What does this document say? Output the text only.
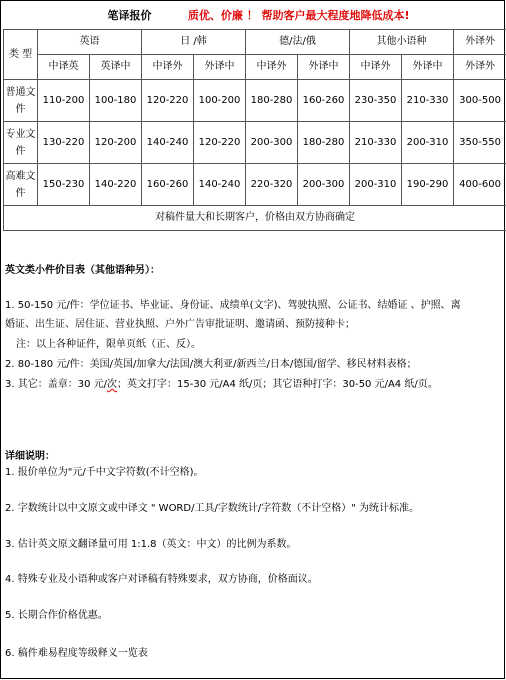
笔译报价 质优、价廉 ！ 帮助客户最大程度地降低成本!									
类 型	英语		日 /韩		德/法/俄		其他小语种		外译外
	中译英	英译中	中译外	外译中	中译外	外译中	中译外	外译中	外译外
普通文件	110-200	100-180	120-220	100-200	180-280	160-260	230-350	210-330	300-500
专业文件	130-220	120-200	140-240	120-220	200-300	180-280	210-330	200-310	350-550
高难文件	150-230	140-220	160-260	140-240	220-320	200-300	200-310	190-290	400-600
对稿件量大和长期客户，价格由双方协商确定									
英文类小件价目表（其他语种另）：
1. 50-150 元/件：学位证书、毕业证、身份证、成绩单(文字)、驾驶执照、公证书、结婚证 、护照、离
婚证、出生证、居住证、营业执照、户外广告审批证明、邀请函、预防接种卡；
注：以上各种证件，限单页纸（正、反）。
2. 80-180 元/件：美国/英国/加拿大/法国/澳大利亚/新西兰/日本/德国/留学、移民材料表格；
3. 其它：盖章：30 元/次；英文打字：15-30 元/A4 纸/页；其它语种打字：30-50 元/A4 纸/页。
详细说明：
1. 报价单位为"元/千中文字符数(不计空格)。
2. 字数统计以中文原文或中译文 " WORD/工具/字数统计/字符数（不计空格）" 为统计标准。
3. 估计英文原文翻译量可用 1:1.8（英文：中文）的比例为系数。
4. 特殊专业及小语种或客户对译稿有特殊要求，双方协商，价格面议。
5. 长期合作价格优惠。
6. 稿件难易程度等级释义一览表
